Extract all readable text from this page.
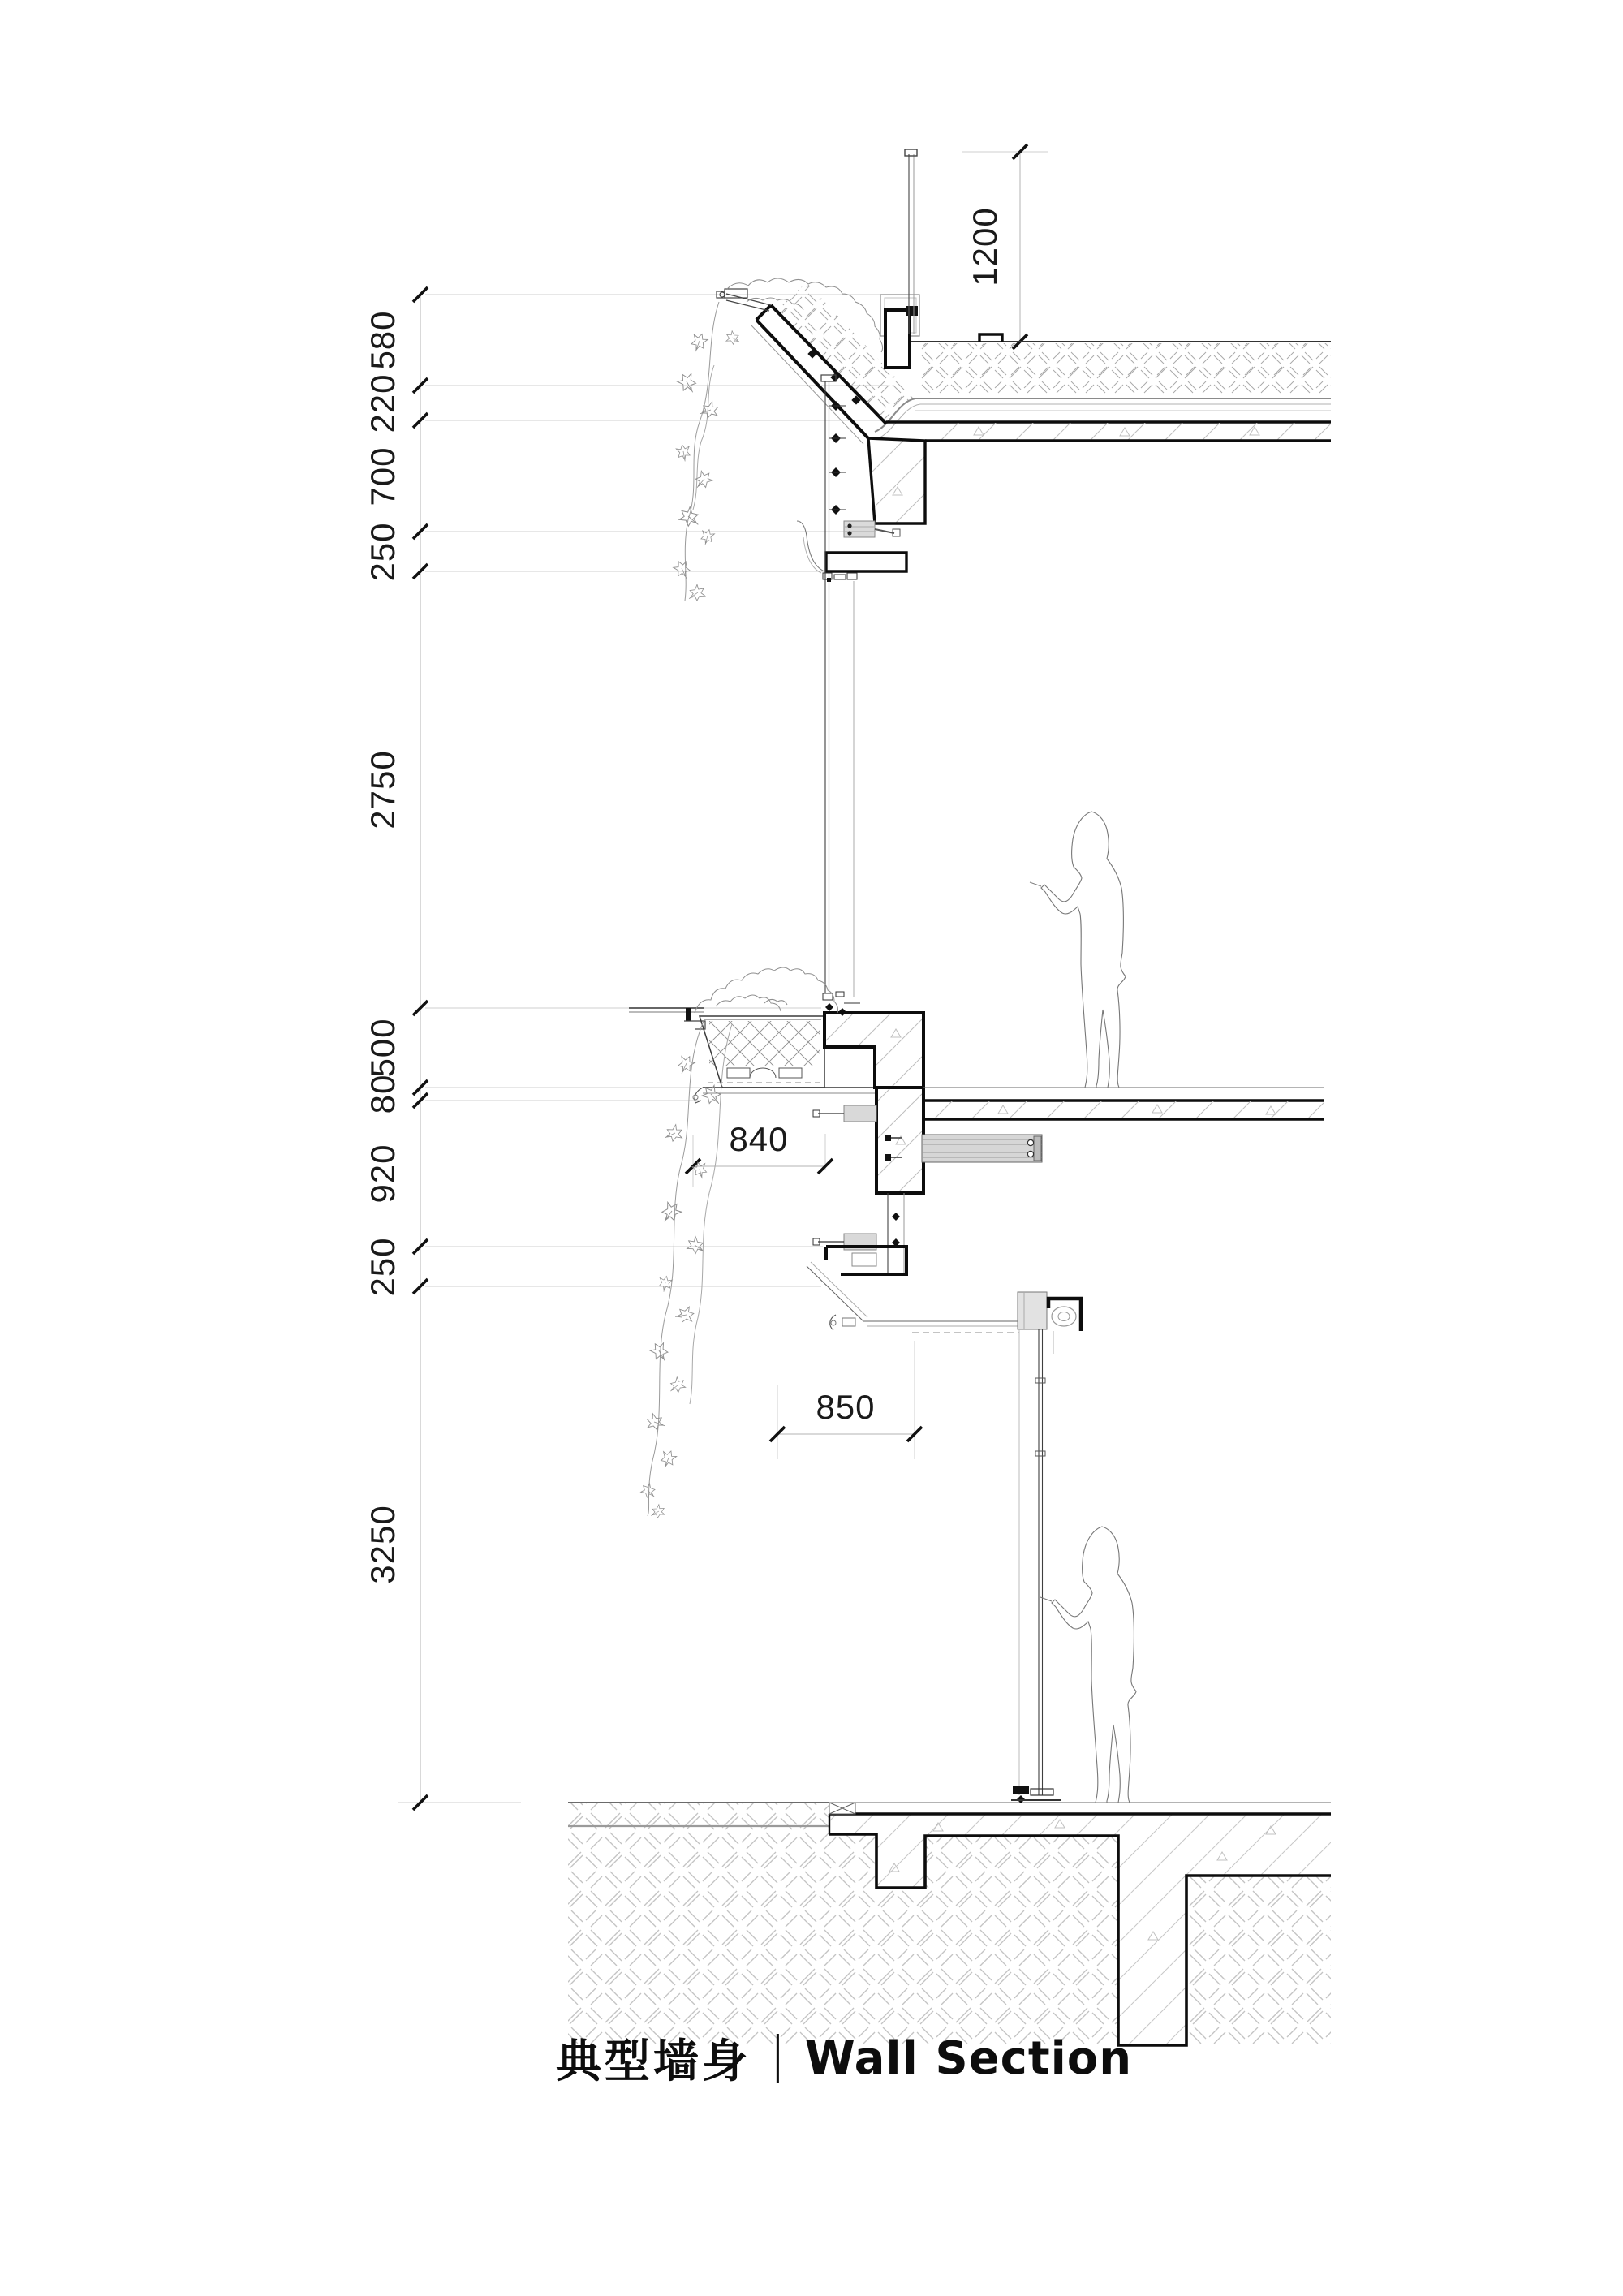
580
220
700
250
2750
500
80
920
250
3250
1200
840
850
典型墙身 Wall Section
